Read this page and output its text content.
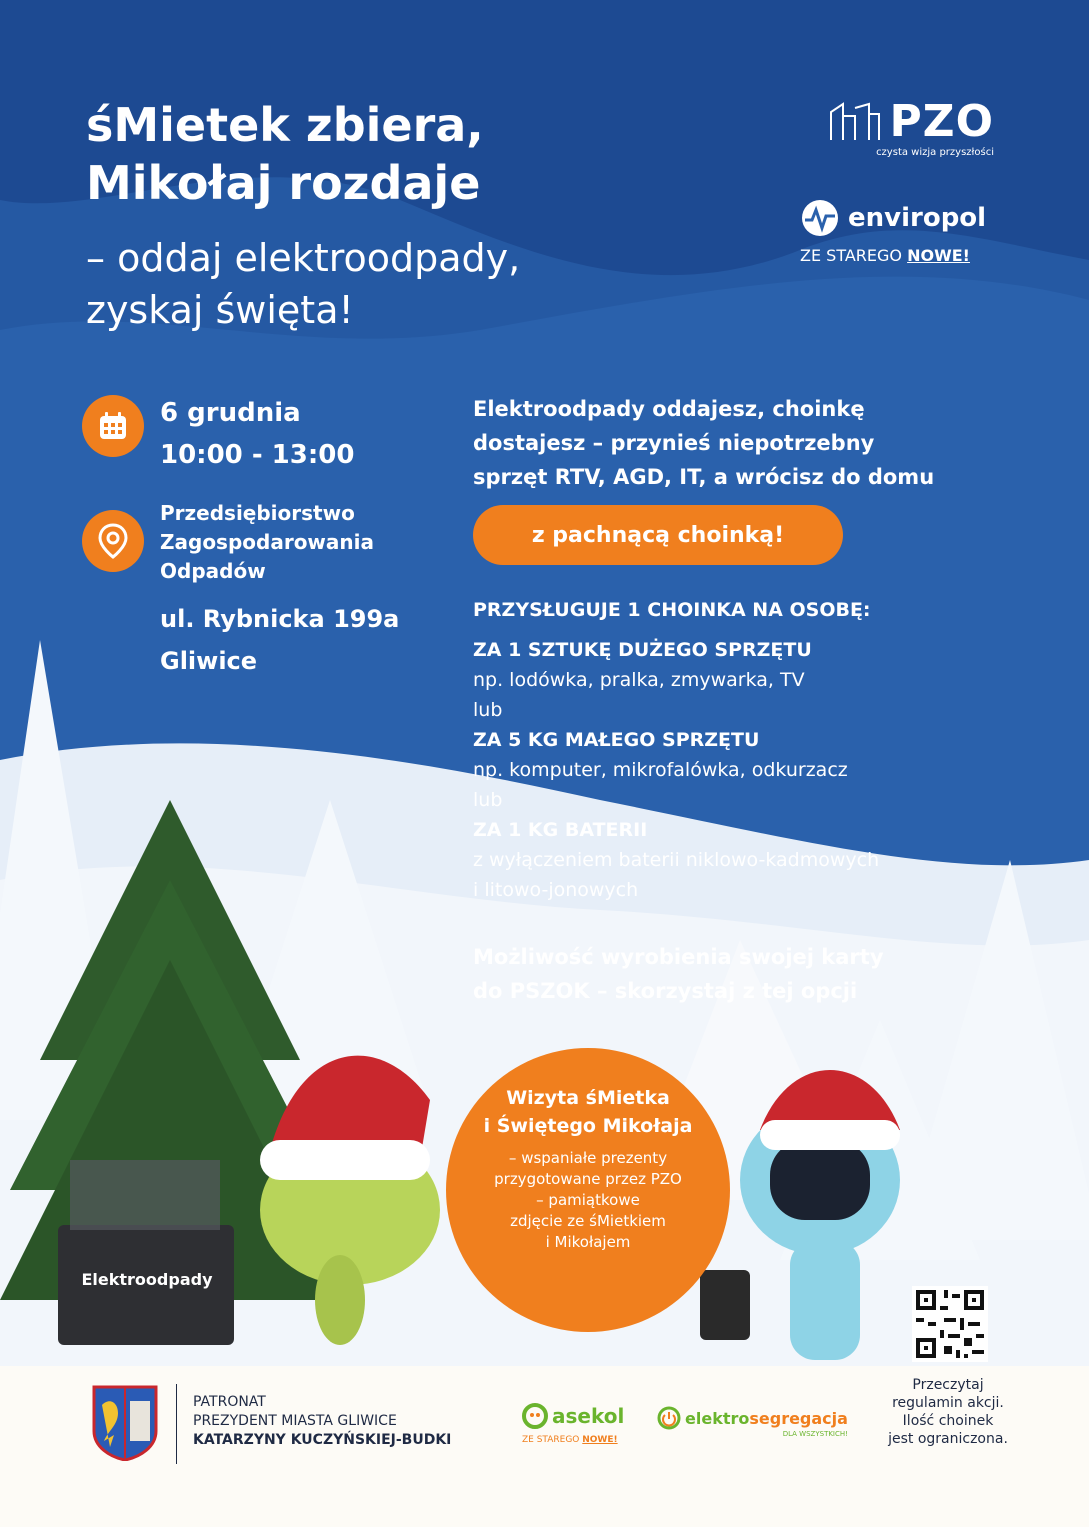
śMietek zbiera,
Mikołaj rozdaje
– oddaj elektroodpady,
zyskaj święta!
PZO
czysta wizja przyszłości
enviropol
ZE STAREGO NOWE!
6 grudnia
10:00 - 13:00
Przedsiębiorstwo
Zagospodarowania
Odpadów
ul. Rybnicka 199a
Gliwice
Elektroodpady oddajesz, choinkę
dostajesz – przynieś niepotrzebny
sprzęt RTV, AGD, IT, a wrócisz do domu
z pachnącą choinką!
PRZYSŁUGUJE 1 CHOINKA NA OSOBĘ:
ZA 1 SZTUKĘ DUŻEGO SPRZĘTU
np. lodówka, pralka, zmywarka, TV
lub
ZA 5 KG MAŁEGO SPRZĘTU
np. komputer, mikrofalówka, odkurzacz
lub
ZA 1 KG BATERII
z wyłączeniem baterii niklowo-kadmowych
i litowo-jonowych
Możliwość wyrobienia swojej karty
do PSZOK – skorzystaj z tej opcji
Wizyta śMietka
i Świętego Mikołaja
– wspaniałe prezenty
przygotowane przez PZO
– pamiątkowe
zdjęcie ze śMietkiem
i Mikołajem
Elektroodpady
PATRONAT
PREZYDENT MIASTA GLIWICE
KATARZYNY KUCZYŃSKIEJ-BUDKI
asekol
ZE STAREGO NOWE!
elektrosegregacja
DLA WSZYSTKICH!
Przeczytaj
regulamin akcji.
Ilość choinek
jest ograniczona.
